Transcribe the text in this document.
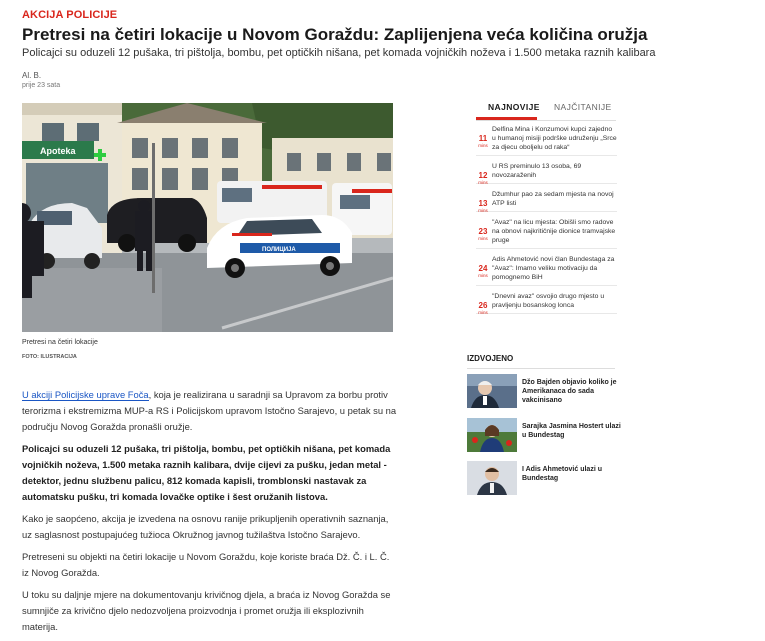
AKCIJA POLICIJE
Pretresi na četiri lokacije u Novom Goraždu: Zaplijenjena veća količina oružja
Policajci su oduzeli 12 pušaka, tri pištolja, bombu, pet optičkih nišana, pet komada vojničkih noževa i 1.500 metaka raznih kalibara
Al. B.
prije 23 sata
Apoteka
ПОЛИЦИЈА
Pretresi na četiri lokacije
FOTO: ILUSTRACIJA

U akciji Policijske uprave Foča, koja je realizirana u saradnji sa Upravom za borbu protiv terorizma i ekstremizma MUP-a RS i Policijskom upravom Istočno Sarajevo, u petak su na području Novog Goražda pronašli oružje.

Policajci su oduzeli 12 pušaka, tri pištolja, bombu, pet optičkih nišana, pet komada vojničkih noževa, 1.500 metaka raznih kalibara, dvije cijevi za pušku, jedan metal - detektor, jednu službenu palicu, 812 komada kapisli, tromblonski nastavak za automatsku pušku, tri komada lovačke optike i šest oružanih listova.

Kako je saopćeno, akcija je izvedena na osnovu ranije prikupljenih operativnih saznanja, uz saglasnost postupajućeg tužioca Okružnog javnog tužilaštva Istočno Sarajevo.

Pretreseni su objekti na četiri lokacije u Novom Goraždu, koje koriste braća Dž. Č. i L. Č. iz Novog Goražda.

U toku su daljnje mjere na dokumentovanju krivičnog djela, a braća iz Novog Goražda se sumnjiče za krivično djelo nedozvoljena proizvodnja i promet oružja ili eksplozivnih materija.

NAJNOVIJE NAJČITANIJE
11
mins
Delfina Mina i Konzumovi kupci zajedno u humanoj misiji podrške udruženju „Srce za djecu oboljelu od raka“
12
mins
U RS preminulo 13 osoba, 69 novozaraženih
13
mins
Džumhur pao za sedam mjesta na novoj ATP listi
23
mins
"Avaz" na licu mjesta: Obišli smo radove na obnovi najkritičnije dionice tramvajske pruge
24
mins
Adis Ahmetović novi član Bundestaga za "Avaz": Imamo veliku motivaciju da pomognemo BiH
26
mins
"Dnevni avaz" osvojio drugo mjesto u pravljenju bosanskog lonca
IZDVOJENO
Džo Bajden objavio koliko je Amerikanaca do sada vakcinisano
Sarajka Jasmina Hostert ulazi u Bundestag
I Adis Ahmetović ulazi u Bundestag
